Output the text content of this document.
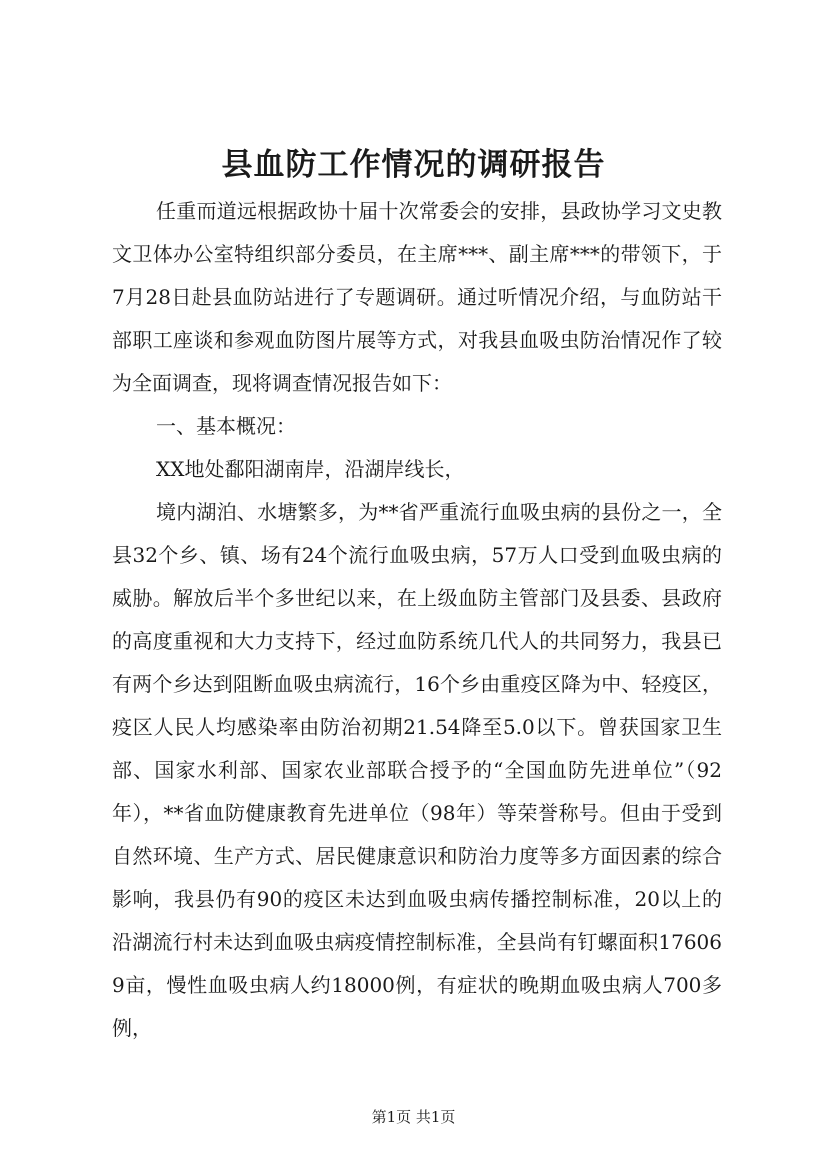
县血防工作情况的调研报告

任重而道远根据政协十届十次常委会的安排，县政协学习文史教文卫体办公室特组织部分委员，在主席***、副主席***的带领下，于7月28日赴县血防站进行了专题调研。通过听情况介绍，与血防站干部职工座谈和参观血防图片展等方式，对我县血吸虫防治情况作了较为全面调查，现将调查情况报告如下：

一、基本概况：

XX地处鄱阳湖南岸，沿湖岸线长，

境内湖泊、水塘繁多，为**省严重流行血吸虫病的县份之一，全县32个乡、镇、场有24个流行血吸虫病，57万人口受到血吸虫病的威胁。解放后半个多世纪以来，在上级血防主管部门及县委、县政府的高度重视和大力支持下，经过血防系统几代人的共同努力，我县已有两个乡达到阻断血吸虫病流行，16个乡由重疫区降为中、轻疫区，疫区人民人均感染率由防治初期21.54降至5.0以下。曾获国家卫生部、国家水利部、国家农业部联合授予的“全国血防先进单位”（92年），**省血防健康教育先进单位（98年）等荣誉称号。但由于受到自然环境、生产方式、居民健康意识和防治力度等多方面因素的综合影响，我县仍有90的疫区未达到血吸虫病传播控制标准，20以上的沿湖流行村未达到血吸虫病疫情控制标准，全县尚有钉螺面积176069亩，慢性血吸虫病人约18000例，有症状的晚期血吸虫病人700多例，

第1页 共1页
